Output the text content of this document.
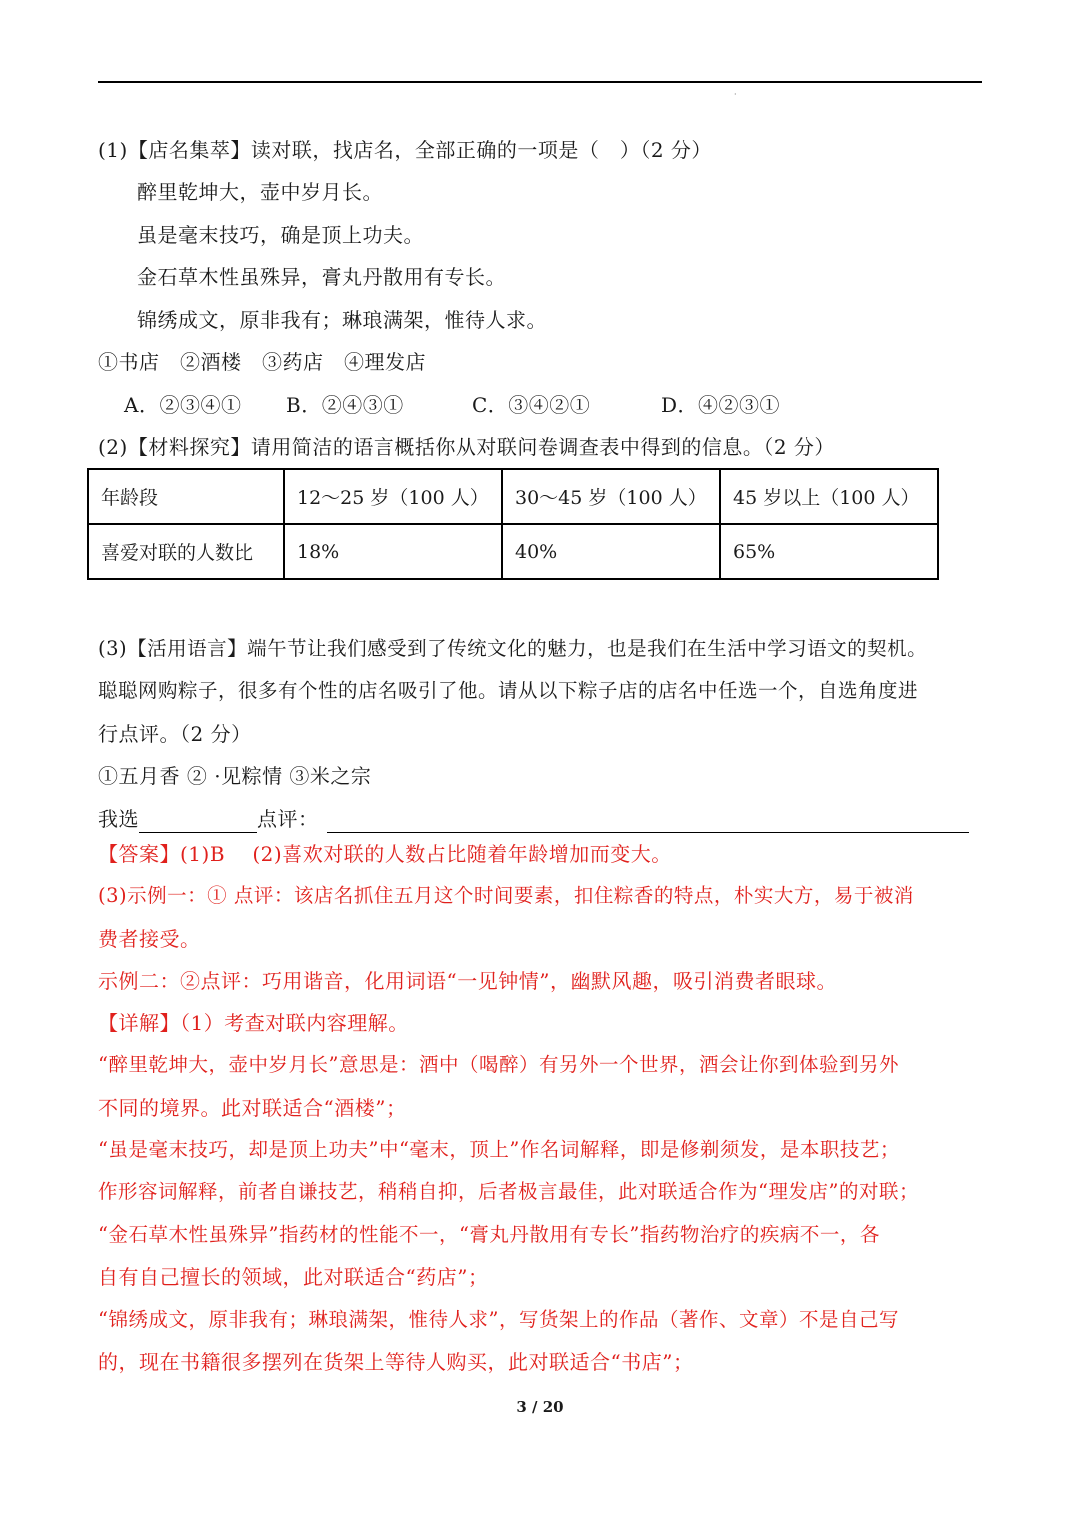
·
(1)【店名集萃】读对联，找店名，全部正确的一项是（　）（2 分）
醉里乾坤大，壶中岁月长。
虽是毫末技巧，确是顶上功夫。
金石草木性虽殊异，膏丸丹散用有专长。
锦绣成文，原非我有；琳琅满架，惟待人求。
①书店　②酒楼　③药店　④理发店
A．②③④① B．②④③①	C．③④②①	D．④②③①
(2)【材料探究】请用简洁的语言概括你从对联问卷调查表中得到的信息。（2 分）
年龄段	12～25 岁（100 人）	30～45 岁（100 人）	45 岁以上（100 人）
喜爱对联的人数比	18%	40%	65%
(3)【活用语言】端午节让我们感受到了传统文化的魅力，也是我们在生活中学习语文的契机。
聪聪网购粽子，很多有个性的店名吸引了他。请从以下粽子店的店名中任选一个，自选角度进
行点评。（2 分）
①五月香 ② ·见粽情 ③米之宗
我选	点评：
【答案】(1)B　 (2)喜欢对联的人数占比随着年龄增加而变大。
(3)示例一：① 点评：该店名抓住五月这个时间要素，扣住粽香的特点，朴实大方，易于被消
费者接受。
示例二：②点评：巧用谐音，化用词语“一见钟情”，幽默风趣，吸引消费者眼球。
【详解】（1）考查对联内容理解。
“醉里乾坤大，壶中岁月长”意思是：酒中（喝醉）有另外一个世界，酒会让你到体验到另外
不同的境界。此对联适合“酒楼”；
“虽是毫末技巧，却是顶上功夫”中“毫末，顶上”作名词解释，即是修剃须发，是本职技艺；
作形容词解释，前者自谦技艺，稍稍自抑，后者极言最佳，此对联适合作为“理发店”的对联；
“金石草木性虽殊异”指药材的性能不一，“膏丸丹散用有专长”指药物治疗的疾病不一，各
自有自己擅长的领域，此对联适合“药店”；
“锦绣成文，原非我有；琳琅满架，惟待人求”，写货架上的作品（著作、文章）不是自己写
的，现在书籍很多摆列在货架上等待人购买，此对联适合“书店”；
3 / 20
